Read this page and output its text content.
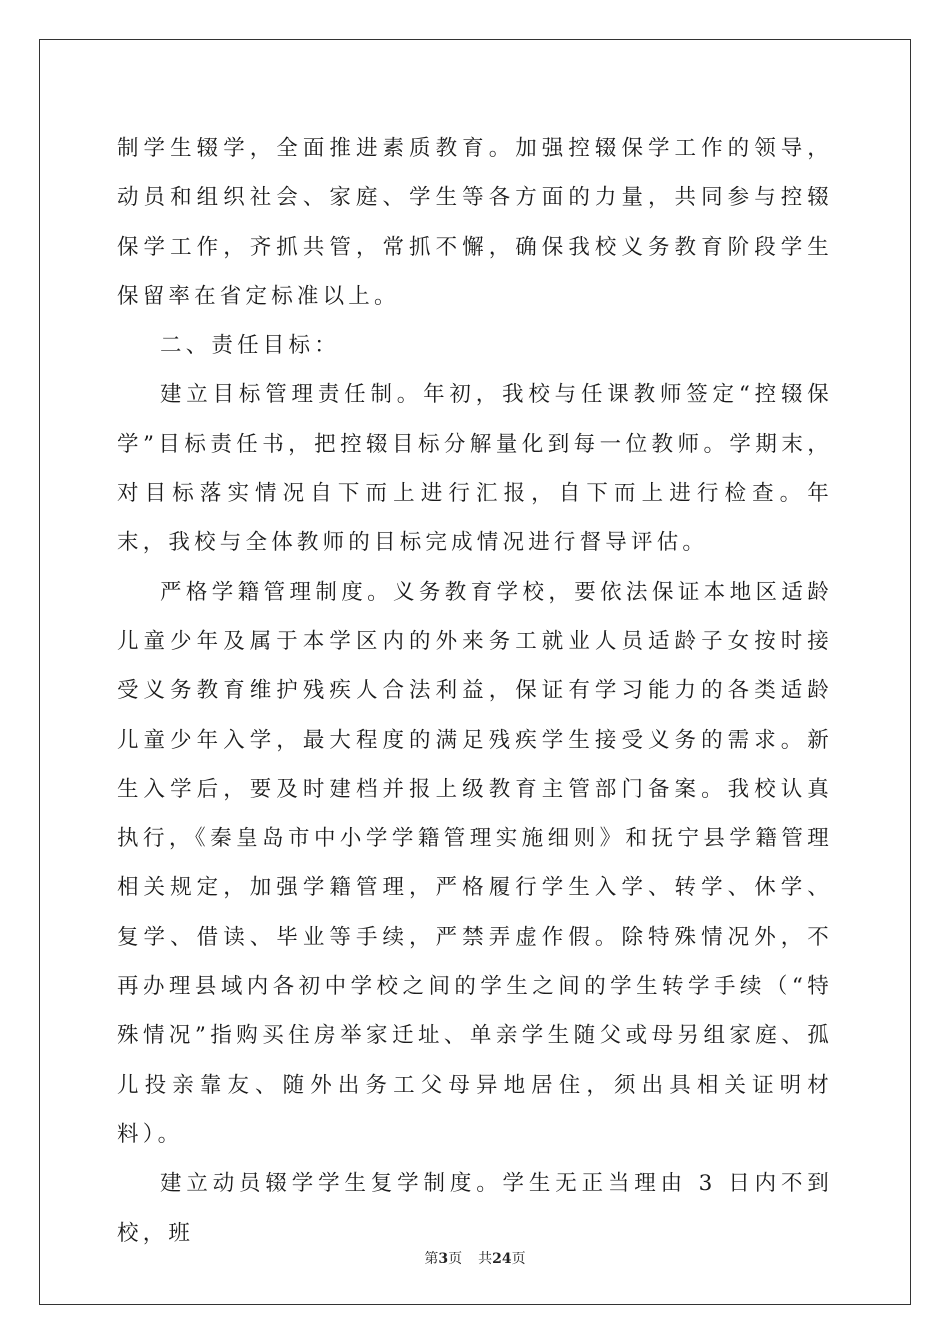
制学生辍学，全面推进素质教育。加强控辍保学工作的领导，动员和组织社会、家庭、学生等各方面的力量，共同参与控辍保学工作，齐抓共管，常抓不懈，确保我校义务教育阶段学生保留率在省定标准以上。

二、责任目标：

建立目标管理责任制。年初，我校与任课教师签定“控辍保学”目标责任书，把控辍目标分解量化到每一位教师。学期末，对目标落实情况自下而上进行汇报，自下而上进行检查。年末，我校与全体教师的目标完成情况进行督导评估。

严格学籍管理制度。义务教育学校，要依法保证本地区适龄儿童少年及属于本学区内的外来务工就业人员适龄子女按时接受义务教育维护残疾人合法利益，保证有学习能力的各类适龄儿童少年入学，最大程度的满足残疾学生接受义务的需求。新生入学后，要及时建档并报上级教育主管部门备案。我校认真执行，《秦皇岛市中小学学籍管理实施细则》和抚宁县学籍管理相关规定，加强学籍管理，严格履行学生入学、转学、休学、复学、借读、毕业等手续，严禁弄虚作假。除特殊情况外，不再办理县域内各初中学校之间的学生之间的学生转学手续（“特殊情况”指购买住房举家迁址、单亲学生随父或母另组家庭、孤儿投亲靠友、随外出务工父母异地居住，须出具相关证明材料）。

建立动员辍学学生复学制度。学生无正当理由 3 日内不到校，班

第3页 共24页
